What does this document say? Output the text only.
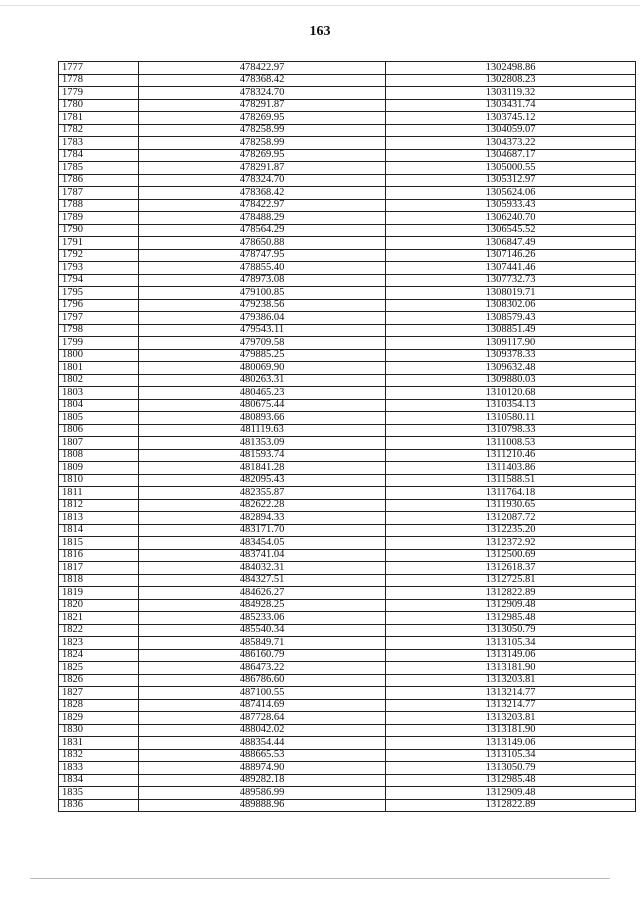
163
1777	478422.97	1302498.86
1778	478368.42	1302808.23
1779	478324.70	1303119.32
1780	478291.87	1303431.74
1781	478269.95	1303745.12
1782	478258.99	1304059.07
1783	478258.99	1304373.22
1784	478269.95	1304687.17
1785	478291.87	1305000.55
1786	478324.70	1305312.97
1787	478368.42	1305624.06
1788	478422.97	1305933.43
1789	478488.29	1306240.70
1790	478564.29	1306545.52
1791	478650.88	1306847.49
1792	478747.95	1307146.26
1793	478855.40	1307441.46
1794	478973.08	1307732.73
1795	479100.85	1308019.71
1796	479238.56	1308302.06
1797	479386.04	1308579.43
1798	479543.11	1308851.49
1799	479709.58	1309117.90
1800	479885.25	1309378.33
1801	480069.90	1309632.48
1802	480263.31	1309880.03
1803	480465.23	1310120.68
1804	480675.44	1310354.13
1805	480893.66	1310580.11
1806	481119.63	1310798.33
1807	481353.09	1311008.53
1808	481593.74	1311210.46
1809	481841.28	1311403.86
1810	482095.43	1311588.51
1811	482355.87	1311764.18
1812	482622.28	1311930.65
1813	482894.33	1312087.72
1814	483171.70	1312235.20
1815	483454.05	1312372.92
1816	483741.04	1312500.69
1817	484032.31	1312618.37
1818	484327.51	1312725.81
1819	484626.27	1312822.89
1820	484928.25	1312909.48
1821	485233.06	1312985.48
1822	485540.34	1313050.79
1823	485849.71	1313105.34
1824	486160.79	1313149.06
1825	486473.22	1313181.90
1826	486786.60	1313203.81
1827	487100.55	1313214.77
1828	487414.69	1313214.77
1829	487728.64	1313203.81
1830	488042.02	1313181.90
1831	488354.44	1313149.06
1832	488665.53	1313105.34
1833	488974.90	1313050.79
1834	489282.18	1312985.48
1835	489586.99	1312909.48
1836	489888.96	1312822.89
